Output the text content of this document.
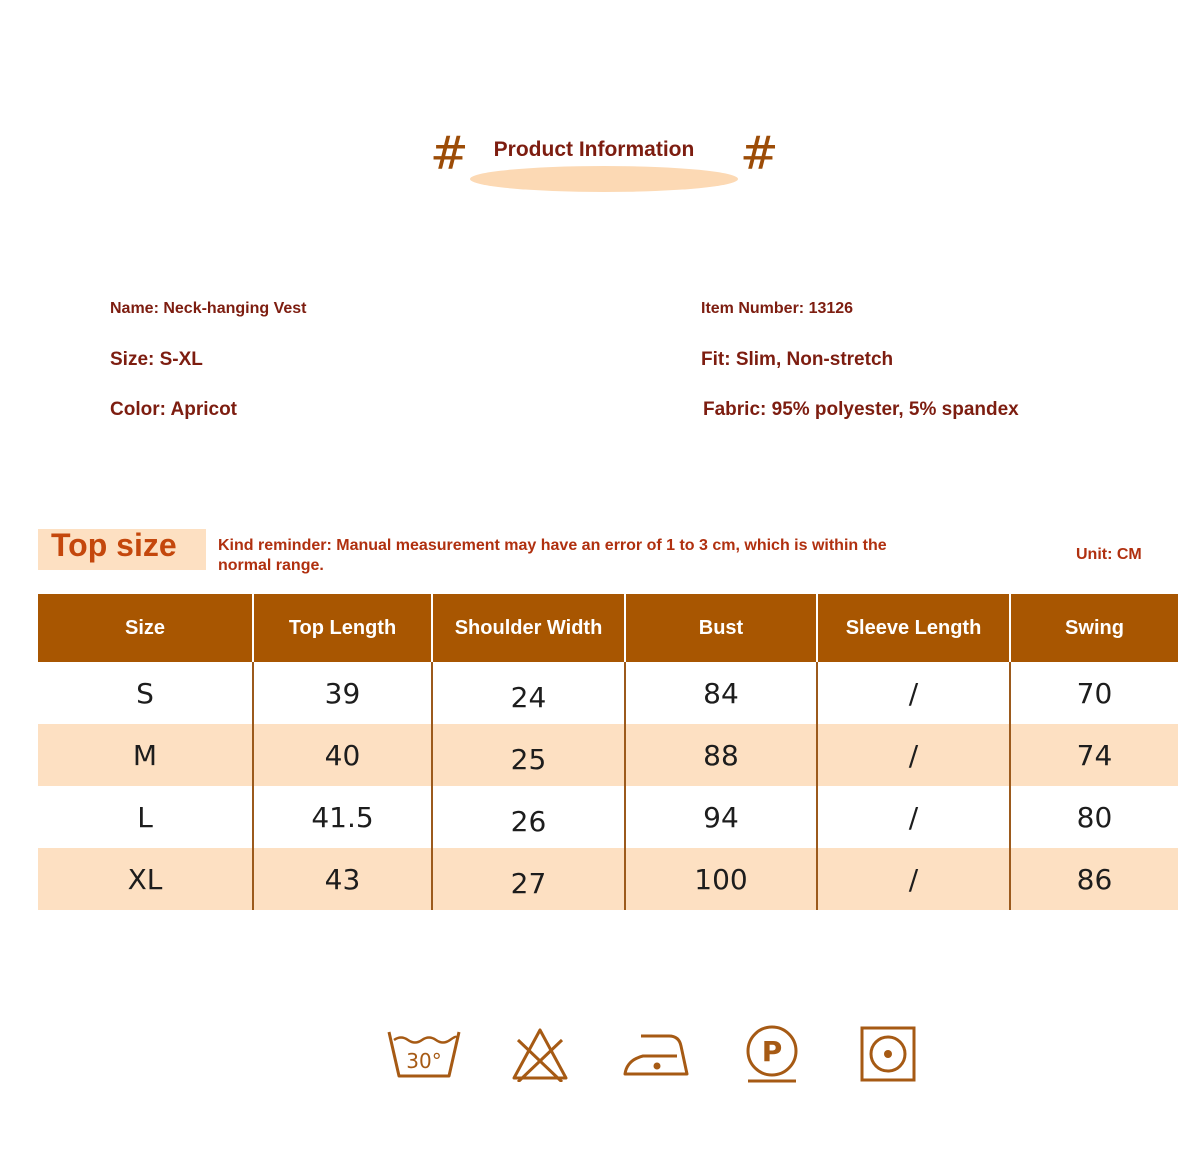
#	Product Information #
Name: Neck-hanging Vest	Item Number: 13126
Size: S-XL	Fit: Slim, Non-stretch
Color: Apricot	Fabric: 95% polyester, 5% spandex
Top size	Kind reminder: Manual measurement may have an error of 1 to 3 cm, which is within the normal range.
Unit: CM
Size	Top Length	Shoulder Width	Bust	Sleeve Length	Swing
S	39	24	84	/	70
M	40	25	88	/	74
L	41.5	26	94	/	80
XL	43	27	100	/	86
30°	P
